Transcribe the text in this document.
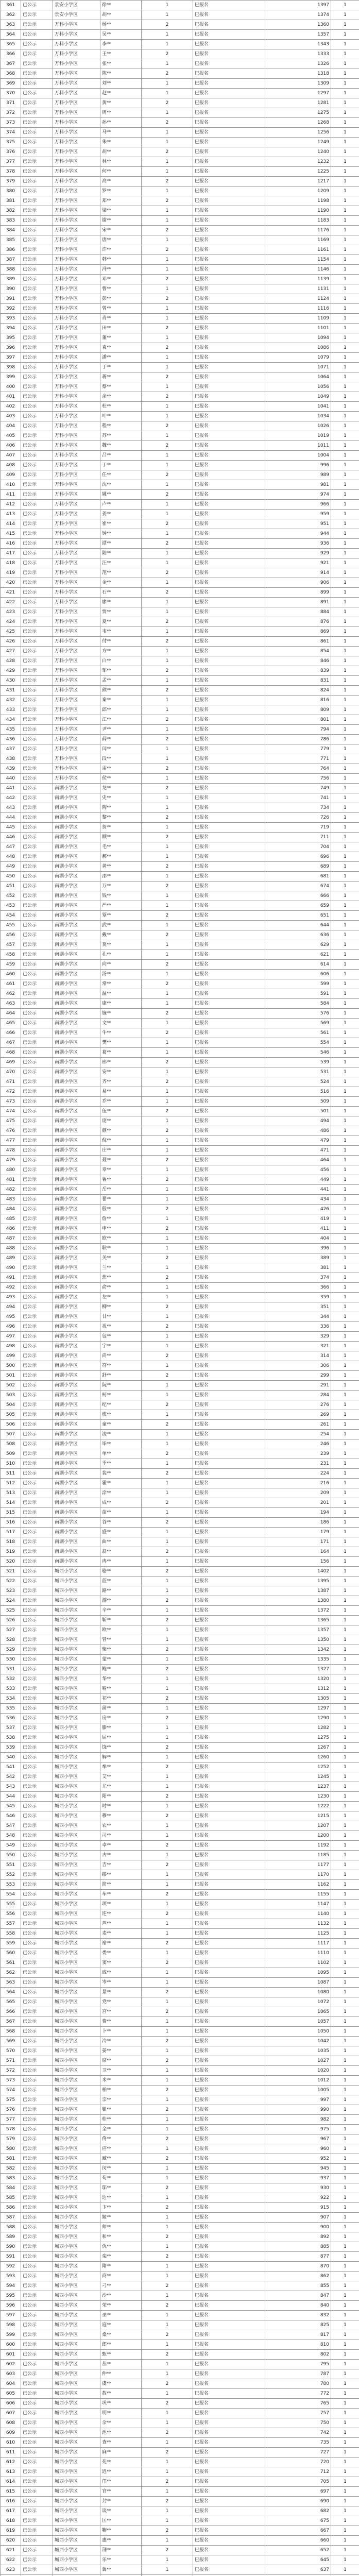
361	已公示	景安小学区	徐**	1	巳报名	1397	1
362	已公示	景安小学区	胡**	1	巳报名	1374	1
363	已公示	万科小学区	杨**	2	巳报名	1360	1
364	已公示	万科小学区	吴**	1	巳报名	1357	1
365	已公示	万科小学区	李**	1	巳报名	1343	1
366	已公示	万科小学区	王**	2	巳报名	1333	1
367	已公示	万科小学区	张**	1	巳报名	1326	1
368	已公示	万科小学区	陈**	2	巳报名	1318	1
369	已公示	万科小学区	刘**	1	巳报名	1309	1
370	已公示	万科小学区	赵**	1	巳报名	1297	1
371	已公示	万科小学区	黄**	2	巳报名	1281	1
372	已公示	万科小学区	周**	1	巳报名	1275	1
373	已公示	万科小学区	孙**	2	巳报名	1268	1
374	已公示	万科小学区	马**	1	巳报名	1256	1
375	已公示	万科小学区	朱**	1	巳报名	1249	1
376	已公示	万科小学区	胡**	2	巳报名	1240	1
377	已公示	万科小学区	林**	1	巳报名	1232	1
378	已公示	万科小学区	何**	1	巳报名	1225	1
379	已公示	万科小学区	高**	2	巳报名	1217	1
380	已公示	万科小学区	罗**	1	巳报名	1209	1
381	已公示	万科小学区	郑**	2	巳报名	1198	1
382	已公示	万科小学区	梁**	1	巳报名	1190	1
383	已公示	万科小学区	谢**	1	巳报名	1183	1
384	已公示	万科小学区	宋**	2	巳报名	1176	1
385	已公示	万科小学区	唐**	1	巳报名	1169	1
386	已公示	万科小学区	许**	2	巳报名	1161	1
387	已公示	万科小学区	韩**	1	巳报名	1154	1
388	已公示	万科小学区	冯**	1	巳报名	1146	1
389	已公示	万科小学区	邓**	2	巳报名	1139	1
390	已公示	万科小学区	曹**	1	巳报名	1131	1
391	已公示	万科小学区	彭**	2	巳报名	1124	1
392	已公示	万科小学区	曾**	1	巳报名	1116	1
393	已公示	万科小学区	肖**	1	巳报名	1109	1
394	已公示	万科小学区	田**	2	巳报名	1101	1
395	已公示	万科小学区	董**	1	巳报名	1094	1
396	已公示	万科小学区	袁**	2	巳报名	1086	1
397	已公示	万科小学区	潘**	1	巳报名	1079	1
398	已公示	万科小学区	于**	1	巳报名	1071	1
399	已公示	万科小学区	蒋**	2	巳报名	1064	1
400	已公示	万科小学区	蔡**	1	巳报名	1056	1
401	已公示	万科小学区	余**	2	巳报名	1049	1
402	已公示	万科小学区	杜**	1	巳报名	1041	1
403	已公示	万科小学区	叶**	1	巳报名	1034	1
404	已公示	万科小学区	程**	2	巳报名	1026	1
405	已公示	万科小学区	苏**	1	巳报名	1019	1
406	已公示	万科小学区	魏**	2	巳报名	1011	1
407	已公示	万科小学区	吕**	1	巳报名	1004	1
408	已公示	万科小学区	丁**	1	巳报名	996	1
409	已公示	万科小学区	任**	2	巳报名	989	1
410	已公示	万科小学区	沈**	1	巳报名	981	1
411	已公示	万科小学区	姚**	2	巳报名	974	1
412	已公示	万科小学区	卢**	1	巳报名	966	1
413	已公示	万科小学区	姜**	1	巳报名	959	1
414	已公示	万科小学区	崔**	2	巳报名	951	1
415	已公示	万科小学区	钟**	1	巳报名	944	1
416	已公示	万科小学区	谭**	2	巳报名	936	1
417	已公示	万科小学区	陆**	1	巳报名	929	1
418	已公示	万科小学区	汪**	1	巳报名	921	1
419	已公示	万科小学区	范**	2	巳报名	914	1
420	已公示	万科小学区	金**	1	巳报名	906	1
421	已公示	万科小学区	石**	2	巳报名	899	1
422	已公示	万科小学区	廖**	1	巳报名	891	1
423	已公示	万科小学区	贾**	1	巳报名	884	1
424	已公示	万科小学区	夏**	2	巳报名	876	1
425	已公示	万科小学区	韦**	1	巳报名	869	1
426	已公示	万科小学区	付**	2	巳报名	861	1
427	已公示	万科小学区	方**	1	巳报名	854	1
428	已公示	万科小学区	白**	1	巳报名	846	1
429	已公示	万科小学区	邹**	2	巳报名	839	1
430	已公示	万科小学区	孟**	1	巳报名	831	1
431	已公示	万科小学区	熊**	2	巳报名	824	1
432	已公示	万科小学区	秦**	1	巳报名	816	1
433	已公示	万科小学区	邱**	1	巳报名	809	1
434	已公示	万科小学区	江**	2	巳报名	801	1
435	已公示	万科小学区	尹**	1	巳报名	794	1
436	已公示	万科小学区	薛**	2	巳报名	786	1
437	已公示	万科小学区	闫**	1	巳报名	779	1
438	已公示	万科小学区	段**	1	巳报名	771	1
439	已公示	万科小学区	雷**	2	巳报名	764	1
440	已公示	万科小学区	侯**	1	巳报名	756	1
441	已公示	南湖小学区	龙**	2	巳报名	749	1
442	已公示	南湖小学区	史**	1	巳报名	741	1
443	已公示	南湖小学区	陶**	1	巳报名	734	1
444	已公示	南湖小学区	黎**	2	巳报名	726	1
445	已公示	南湖小学区	贺**	1	巳报名	719	1
446	已公示	南湖小学区	顾**	2	巳报名	711	1
447	已公示	南湖小学区	毛**	1	巳报名	704	1
448	已公示	南湖小学区	郝**	1	巳报名	696	1
449	已公示	南湖小学区	龚**	2	巳报名	689	1
450	已公示	南湖小学区	邵**	1	巳报名	681	1
451	已公示	南湖小学区	万**	2	巳报名	674	1
452	已公示	南湖小学区	钱**	1	巳报名	666	1
453	已公示	南湖小学区	严**	1	巳报名	659	1
454	已公示	南湖小学区	覃**	2	巳报名	651	1
455	已公示	南湖小学区	武**	1	巳报名	644	1
456	已公示	南湖小学区	戴**	2	巳报名	636	1
457	已公示	南湖小学区	莫**	1	巳报名	629	1
458	已公示	南湖小学区	孔**	1	巳报名	621	1
459	已公示	南湖小学区	向**	2	巳报名	614	1
460	已公示	南湖小学区	汤**	1	巳报名	606	1
461	已公示	南湖小学区	常**	2	巳报名	599	1
462	已公示	南湖小学区	温**	1	巳报名	591	1
463	已公示	南湖小学区	康**	1	巳报名	584	1
464	已公示	南湖小学区	施**	2	巳报名	576	1
465	已公示	南湖小学区	文**	1	巳报名	569	1
466	已公示	南湖小学区	牛**	2	巳报名	561	1
467	已公示	南湖小学区	樊**	1	巳报名	554	1
468	已公示	南湖小学区	葛**	1	巳报名	546	1
469	已公示	南湖小学区	邢**	2	巳报名	539	1
470	已公示	南湖小学区	安**	1	巳报名	531	1
471	已公示	南湖小学区	齐**	2	巳报名	524	1
472	已公示	南湖小学区	易**	1	巳报名	516	1
473	已公示	南湖小学区	乔**	1	巳报名	509	1
474	已公示	南湖小学区	伍**	2	巳报名	501	1
475	已公示	南湖小学区	庞**	1	巳报名	494	1
476	已公示	南湖小学区	颜**	2	巳报名	486	1
477	已公示	南湖小学区	倪**	1	巳报名	479	1
478	已公示	南湖小学区	庄**	1	巳报名	471	1
479	已公示	南湖小学区	聂**	2	巳报名	464	1
480	已公示	南湖小学区	章**	1	巳报名	456	1
481	已公示	南湖小学区	鲁**	2	巳报名	449	1
482	已公示	南湖小学区	岳**	1	巳报名	441	1
483	已公示	南湖小学区	翟**	1	巳报名	434	1
484	已公示	南湖小学区	殷**	2	巳报名	426	1
485	已公示	南湖小学区	詹**	1	巳报名	419	1
486	已公示	南湖小学区	申**	2	巳报名	411	1
487	已公示	南湖小学区	欧**	1	巳报名	404	1
488	已公示	南湖小学区	耿**	1	巳报名	396	1
489	已公示	南湖小学区	关**	2	巳报名	389	1
490	已公示	南湖小学区	兰**	1	巳报名	381	1
491	已公示	南湖小学区	焦**	2	巳报名	374	1
492	已公示	南湖小学区	俞**	1	巳报名	366	1
493	已公示	南湖小学区	左**	1	巳报名	359	1
494	已公示	南湖小学区	柳**	2	巳报名	351	1
495	已公示	南湖小学区	甘**	1	巳报名	344	1
496	已公示	南湖小学区	祝**	2	巳报名	336	1
497	已公示	南湖小学区	包**	1	巳报名	329	1
498	已公示	南湖小学区	宁**	1	巳报名	321	1
499	已公示	南湖小学区	尚**	2	巳报名	314	1
500	已公示	南湖小学区	符**	1	巳报名	306	1
501	已公示	南湖小学区	舒**	2	巳报名	299	1
502	已公示	南湖小学区	阮**	1	巳报名	291	1
503	已公示	南湖小学区	柯**	1	巳报名	284	1
504	已公示	南湖小学区	纪**	2	巳报名	276	1
505	已公示	南湖小学区	梅**	1	巳报名	269	1
506	已公示	南湖小学区	童**	2	巳报名	261	1
507	已公示	南湖小学区	凌**	1	巳报名	254	1
508	已公示	南湖小学区	毕**	1	巳报名	246	1
509	已公示	南湖小学区	单**	2	巳报名	239	1
510	已公示	南湖小学区	季**	1	巳报名	231	1
511	已公示	南湖小学区	裴**	2	巳报名	224	1
512	已公示	南湖小学区	霍**	1	巳报名	216	1
513	已公示	南湖小学区	涂**	1	巳报名	209	1
514	已公示	南湖小学区	成**	2	巳报名	201	1
515	已公示	南湖小学区	苗**	1	巳报名	194	1
516	已公示	南湖小学区	谷**	2	巳报名	186	1
517	已公示	南湖小学区	盛**	1	巳报名	179	1
518	已公示	南湖小学区	曲**	1	巳报名	171	1
519	已公示	南湖小学区	翁**	2	巳报名	164	1
520	已公示	南湖小学区	冉**	1	巳报名	156	1
521	已公示	城西小学区	骆**	2	巳报名	1402	1
522	已公示	城西小学区	蓝**	1	巳报名	1395	1
523	已公示	城西小学区	路**	1	巳报名	1387	1
524	已公示	城西小学区	游**	2	巳报名	1380	1
525	已公示	城西小学区	辛**	1	巳报名	1372	1
526	已公示	城西小学区	靳**	2	巳报名	1365	1
527	已公示	城西小学区	欧**	1	巳报名	1357	1
528	已公示	城西小学区	管**	1	巳报名	1350	1
529	已公示	城西小学区	柴**	2	巳报名	1342	1
530	已公示	城西小学区	蒙**	1	巳报名	1335	1
531	已公示	城西小学区	鲍**	2	巳报名	1327	1
532	已公示	城西小学区	华**	1	巳报名	1320	1
533	已公示	城西小学区	喻**	1	巳报名	1312	1
534	已公示	城西小学区	祁**	2	巳报名	1305	1
535	已公示	城西小学区	蒲**	1	巳报名	1297	1
536	已公示	城西小学区	房**	2	巳报名	1290	1
537	已公示	城西小学区	滕**	1	巳报名	1282	1
538	已公示	城西小学区	屈**	1	巳报名	1275	1
539	已公示	城西小学区	饶**	2	巳报名	1267	1
540	已公示	城西小学区	解**	1	巳报名	1260	1
541	已公示	城西小学区	牟**	2	巳报名	1252	1
542	已公示	城西小学区	艾**	1	巳报名	1245	1
543	已公示	城西小学区	尤**	1	巳报名	1237	1
544	已公示	城西小学区	阳**	2	巳报名	1230	1
545	已公示	城西小学区	时**	1	巳报名	1222	1
546	已公示	城西小学区	穆**	2	巳报名	1215	1
547	已公示	城西小学区	农**	1	巳报名	1207	1
548	已公示	城西小学区	司**	1	巳报名	1200	1
549	已公示	城西小学区	卓**	2	巳报名	1192	1
550	已公示	城西小学区	古**	1	巳报名	1185	1
551	已公示	城西小学区	吉**	2	巳报名	1177	1
552	已公示	城西小学区	缪**	1	巳报名	1170	1
553	已公示	城西小学区	简**	1	巳报名	1162	1
554	已公示	城西小学区	车**	2	巳报名	1155	1
555	已公示	城西小学区	项**	1	巳报名	1147	1
556	已公示	城西小学区	连**	2	巳报名	1140	1
557	已公示	城西小学区	芦**	1	巳报名	1132	1
558	已公示	城西小学区	麦**	1	巳报名	1125	1
559	已公示	城西小学区	褚**	2	巳报名	1117	1
560	已公示	城西小学区	娄**	1	巳报名	1110	1
561	已公示	城西小学区	窦**	2	巳报名	1102	1
562	已公示	城西小学区	戚**	1	巳报名	1095	1
563	已公示	城西小学区	岑**	1	巳报名	1087	1
564	已公示	城西小学区	景**	2	巳报名	1080	1
565	已公示	城西小学区	党**	1	巳报名	1072	1
566	已公示	城西小学区	宫**	2	巳报名	1065	1
567	已公示	城西小学区	费**	1	巳报名	1057	1
568	已公示	城西小学区	卜**	1	巳报名	1050	1
569	已公示	城西小学区	冷**	2	巳报名	1042	1
570	已公示	城西小学区	晏**	1	巳报名	1035	1
571	已公示	城西小学区	席**	2	巳报名	1027	1
572	已公示	城西小学区	卫**	1	巳报名	1020	1
573	已公示	城西小学区	米**	1	巳报名	1012	1
574	已公示	城西小学区	柏**	2	巳报名	1005	1
575	已公示	城西小学区	宗**	1	巳报名	997	1
576	已公示	城西小学区	瞿**	2	巳报名	990	1
577	已公示	城西小学区	桂**	1	巳报名	982	1
578	已公示	城西小学区	全**	1	巳报名	975	1
579	已公示	城西小学区	佟**	2	巳报名	967	1
580	已公示	城西小学区	应**	1	巳报名	960	1
581	已公示	城西小学区	臧**	2	巳报名	952	1
582	已公示	城西小学区	闵**	1	巳报名	945	1
583	已公示	城西小学区	苟**	1	巳报名	937	1
584	已公示	城西小学区	邬**	2	巳报名	930	1
585	已公示	城西小学区	边**	1	巳报名	922	1
586	已公示	城西小学区	卞**	2	巳报名	915	1
587	已公示	城西小学区	姬**	1	巳报名	907	1
588	已公示	城西小学区	师**	1	巳报名	900	1
589	已公示	城西小学区	和**	2	巳报名	892	1
590	已公示	城西小学区	仇**	1	巳报名	885	1
591	已公示	城西小学区	栾**	2	巳报名	877	1
592	已公示	城西小学区	隋**	1	巳报名	870	1
593	已公示	城西小学区	商**	1	巳报名	862	1
594	已公示	城西小学区	刁**	2	巳报名	855	1
595	已公示	城西小学区	沙**	1	巳报名	847	1
596	已公示	城西小学区	荣**	2	巳报名	840	1
597	已公示	城西小学区	巫**	1	巳报名	832	1
598	已公示	城西小学区	寇**	1	巳报名	825	1
599	已公示	城西小学区	桑**	2	巳报名	817	1
600	已公示	城西小学区	郎**	1	巳报名	810	1
601	已公示	城西小学区	甄**	2	巳报名	802	1
602	已公示	城西小学区	丛**	1	巳报名	795	1
603	已公示	城西小学区	仲**	1	巳报名	787	1
604	已公示	城西小学区	虞**	2	巳报名	780	1
605	已公示	城西小学区	敖**	1	巳报名	772	1
606	已公示	城西小学区	巩**	2	巳报名	765	1
607	已公示	城西小学区	明**	1	巳报名	757	1
608	已公示	城西小学区	佘**	1	巳报名	750	1
609	已公示	城西小学区	池**	2	巳报名	742	1
610	已公示	城西小学区	查**	1	巳报名	735	1
611	已公示	城西小学区	麻**	2	巳报名	727	1
612	已公示	城西小学区	苑**	1	巳报名	720	1
613	已公示	城西小学区	迟**	1	巳报名	712	1
614	已公示	城西小学区	邝**	2	巳报名	705	1
615	已公示	城西小学区	官**	1	巳报名	697	1
616	已公示	城西小学区	封**	2	巳报名	690	1
617	已公示	城西小学区	谈**	1	巳报名	682	1
618	已公示	城西小学区	匡**	1	巳报名	675	1
619	已公示	城西小学区	鞠**	2	巳报名	667	1
620	已公示	城西小学区	惠**	1	巳报名	660	1
621	已公示	城西小学区	荆**	2	巳报名	652	1
622	已公示	城西小学区	乐**	1	巳报名	645	1
623	已公示	城西小学区	冀**	1	巳报名	637	1
